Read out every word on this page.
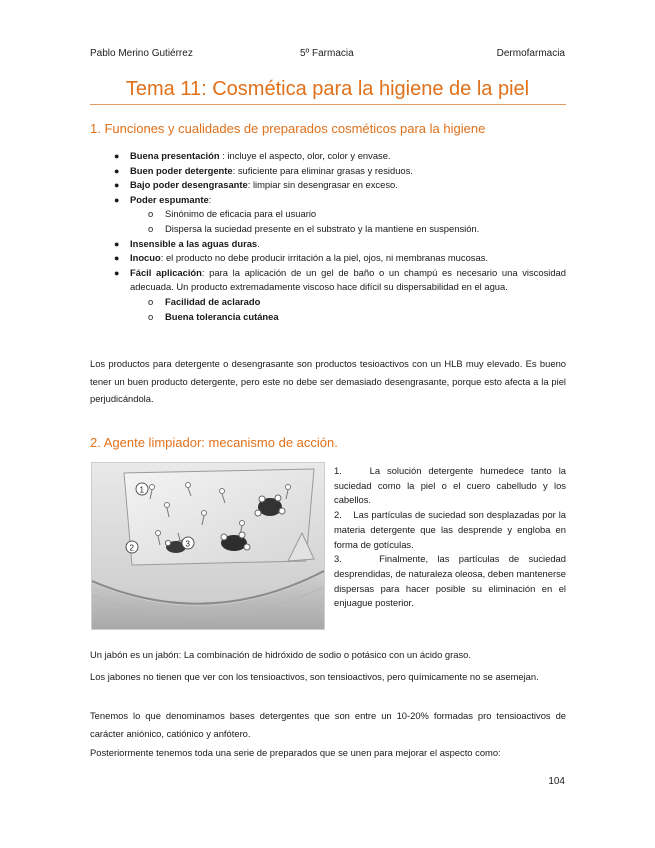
Pablo Merino Gutiérrez	5º Farmacia	Dermofarmacia
Tema 11: Cosmética para la higiene de la piel
1. Funciones y cualidades de preparados cosméticos para la higiene
● Buena presentación : incluye el aspecto, olor, color y envase.
● Buen poder detergente: suficiente para eliminar grasas y residuos.
● Bajo poder desengrasante: limpiar sin desengrasar en exceso.
● Poder espumante:
o Sinónimo de eficacia para el usuario
o Dispersa la suciedad presente en el substrato y la mantiene en suspensión.
● Insensible a las aguas duras.
● Inocuo: el producto no debe producir irritación a la piel, ojos, ni membranas mucosas.
● Fácil aplicación: para la aplicación de un gel de baño o un champú es necesario una viscosidad adecuada. Un producto extremadamente viscoso hace difícil su dispersabilidad en el agua.
o Facilidad de aclarado
o Buena tolerancia cutánea
Los productos para detergente o desengrasante son productos tesioactivos con un HLB muy elevado. Es bueno tener un buen producto detergente, pero este no debe ser demasiado desengrasante, porque esto afecta a la piel perjudicándola.
2. Agente limpiador: mecanismo de acción.
1
2	3

1.    La solución detergente humedece tanto la suciedad como la piel o el cuero cabelludo y los cabellos.

2.    Las partículas de suciedad son desplazadas por la materia detergente que las desprende y engloba en forma de gotículas.

3.    Finalmente, las partículas de suciedad desprendidas, de naturaleza oleosa, deben mantenerse dispersas para hacer posible su eliminación en el enjuague posterior.

Un jabón es un jabón: La combinación de hidróxido de sodio o potásico con un ácido graso.
Los jabones no tienen que ver con los tensioactivos, son tensioactivos, pero químicamente no se asemejan.
Tenemos lo que denominamos bases detergentes que son entre un 10-20% formadas pro tensioactivos de carácter aniónico, catiónico y anfótero.
Posteriormente tenemos toda una serie de preparados que se unen para mejorar el aspecto como:
104
